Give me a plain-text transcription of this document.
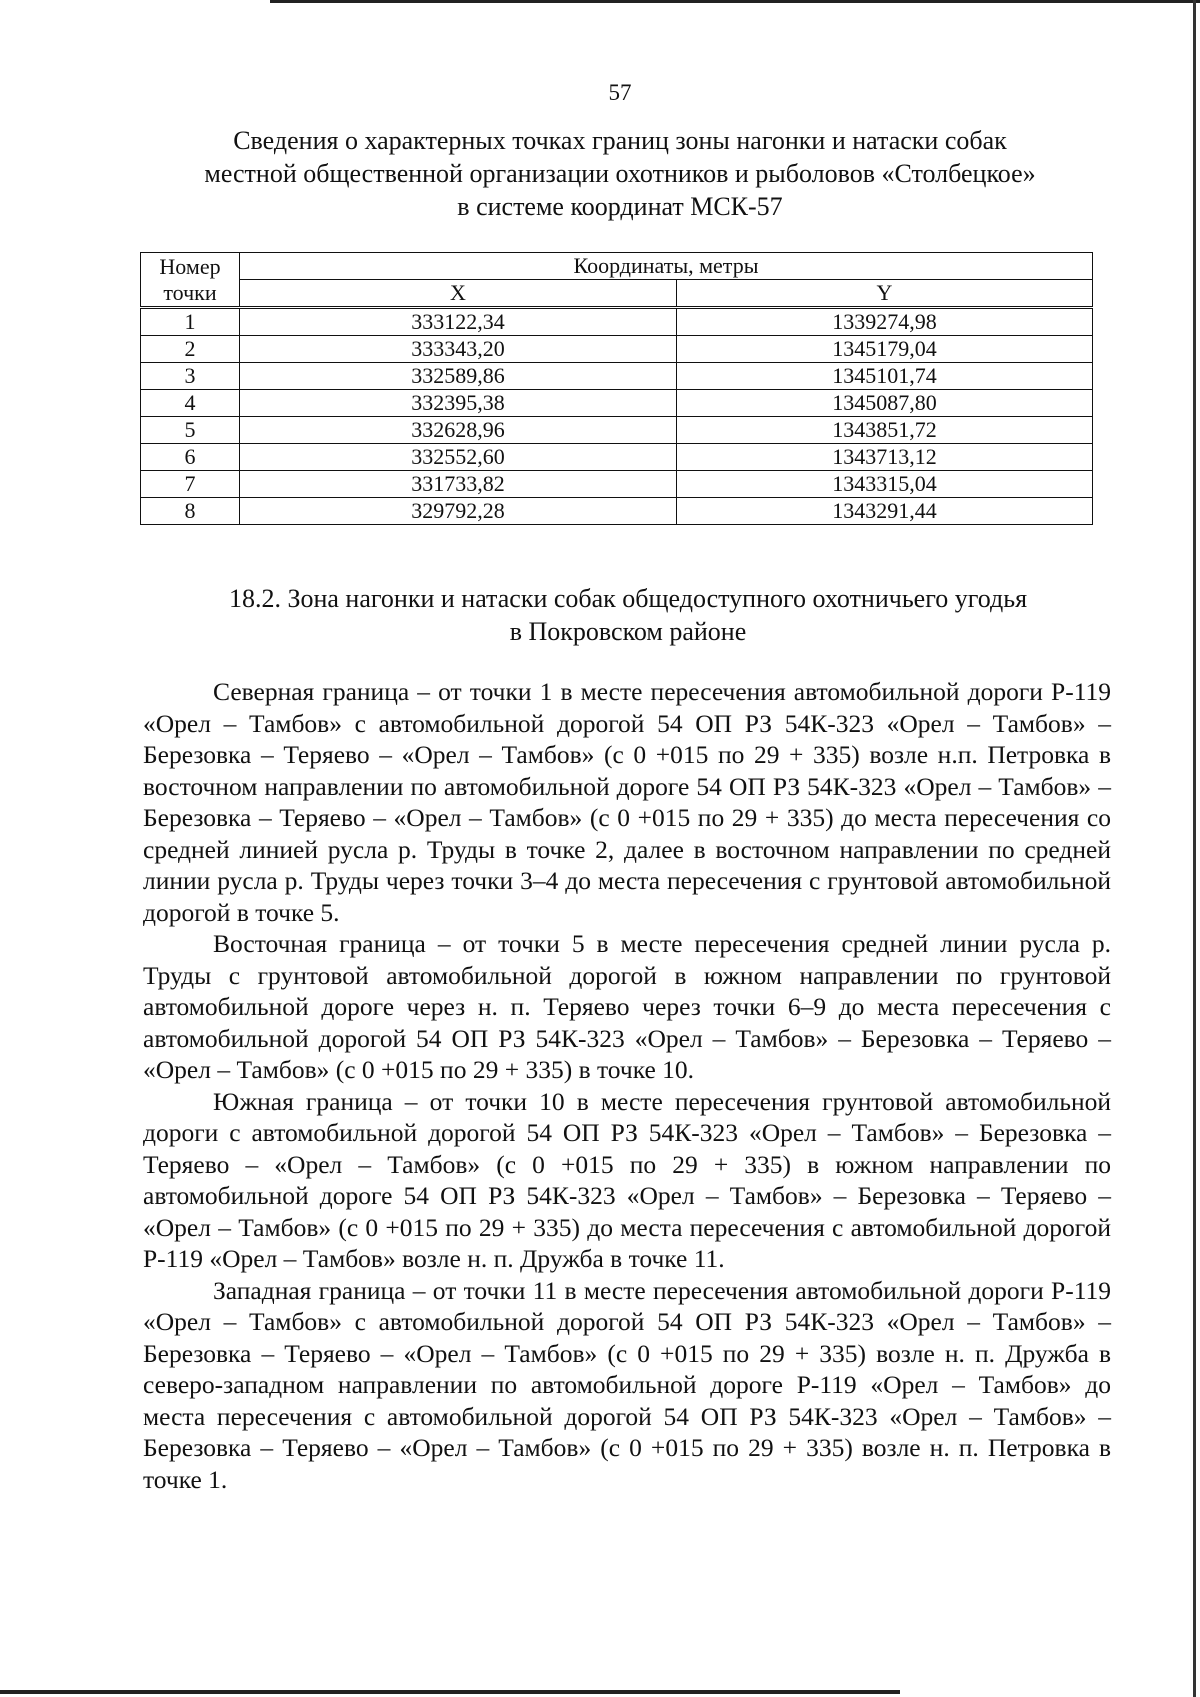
57
Сведения о характерных точках границ зоны нагонки и натаски собак
местной общественной организации охотников и рыболовов «Столбецкое»
в системе координат МСК-57
Номер
точки	Координаты, метры	
	X	Y
1	333122,34	1339274,98
2	333343,20	1345179,04
3	332589,86	1345101,74
4	332395,38	1345087,80
5	332628,96	1343851,72
6	332552,60	1343713,12
7	331733,82	1343315,04
8	329792,28	1343291,44
18.2. Зона нагонки и натаски собак общедоступного охотничьего угодья
в Покровском районе

Северная граница – от точки 1 в месте пересечения автомобильной дороги Р-119 «Орел – Тамбов» с автомобильной дорогой 54 ОП РЗ 54К-323 «Орел – Тамбов» – Березовка – Теряево – «Орел – Тамбов» (с 0 +015 по 29 + 335) возле н.п. Петровка в восточном направлении по автомобильной дороге 54 ОП РЗ 54К-323 «Орел – Тамбов» – Березовка – Теряево – «Орел – Тамбов» (с 0 +015 по 29 + 335) до места пересечения со средней линией русла р. Труды в точке 2, далее в восточном направлении по средней линии русла р. Труды через точки 3–4 до места пересечения с грунтовой автомобильной дорогой в точке 5.

Восточная граница – от точки 5 в месте пересечения средней линии русла р. Труды с грунтовой автомобильной дорогой в южном направлении по грунтовой автомобильной дороге через н. п. Теряево через точки 6–9 до места пересечения с автомобильной дорогой 54 ОП РЗ 54К-323 «Орел – Тамбов» – Березовка – Теряево – «Орел – Тамбов» (с 0 +015 по 29 + 335) в точке 10.

Южная граница – от точки 10 в месте пересечения грунтовой автомобильной дороги с автомобильной дорогой 54 ОП РЗ 54К-323 «Орел – Тамбов» – Березовка – Теряево – «Орел – Тамбов» (с 0 +015 по 29 + 335) в южном направлении по автомобильной дороге 54 ОП РЗ 54К-323 «Орел – Тамбов» – Березовка – Теряево – «Орел – Тамбов» (с 0 +015 по 29 + 335) до места пересечения с автомобильной дорогой Р-119 «Орел – Тамбов» возле н. п. Дружба в точке 11.

Западная граница – от точки 11 в месте пересечения автомобильной дороги Р-119 «Орел – Тамбов» с автомобильной дорогой 54 ОП РЗ 54К-323 «Орел – Тамбов» – Березовка – Теряево – «Орел – Тамбов» (с 0 +015 по 29 + 335) возле н. п. Дружба в северо-западном направлении по автомобильной дороге Р-119 «Орел – Тамбов» до места пересечения с автомобильной дорогой 54 ОП РЗ 54К-323 «Орел – Тамбов» – Березовка – Теряево – «Орел – Тамбов» (с 0 +015 по 29 + 335) возле н. п. Петровка в точке 1.
